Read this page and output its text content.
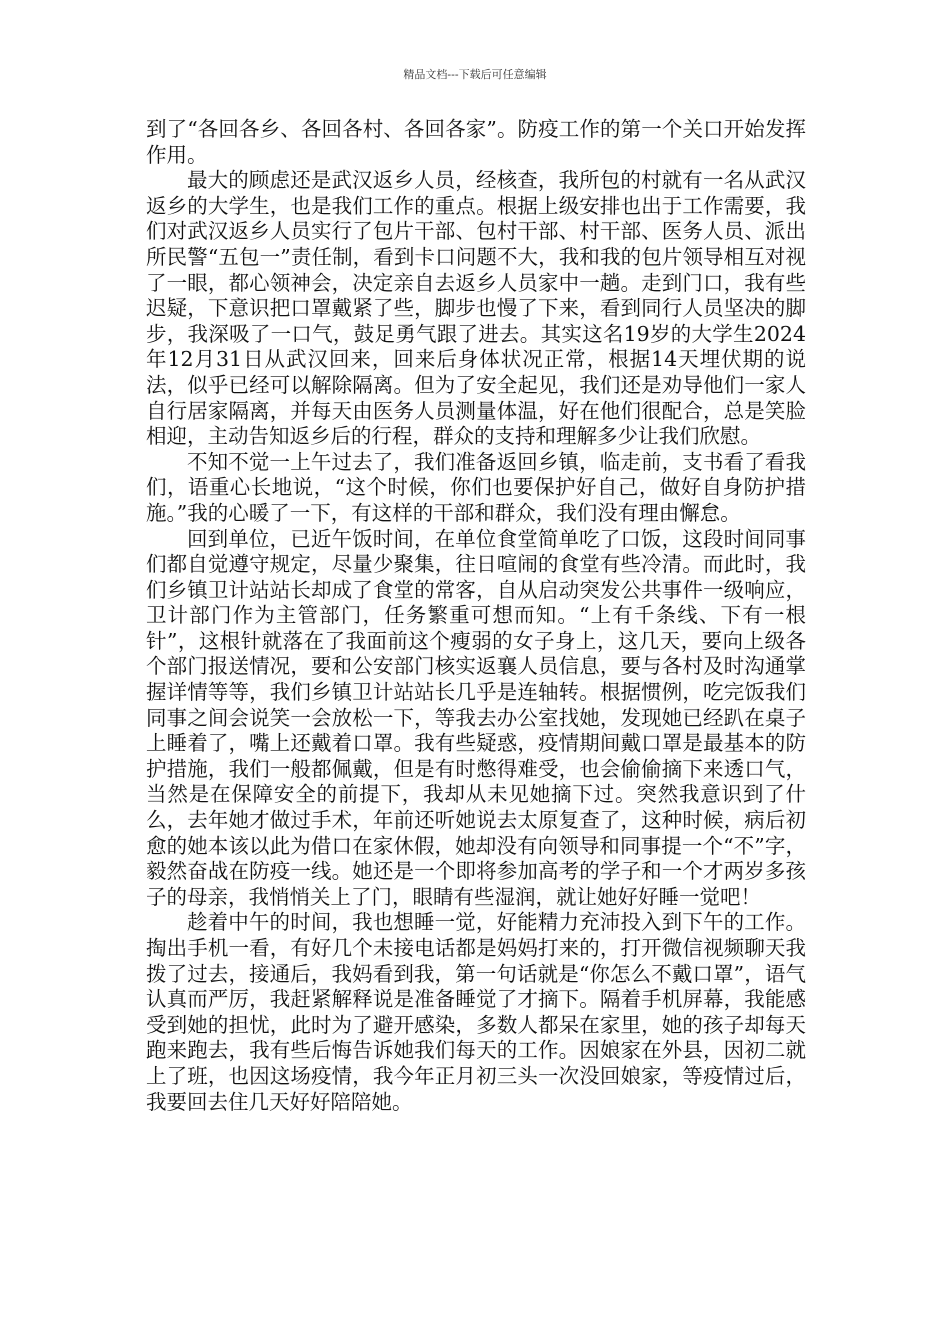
精品文档---下载后可任意编辑

到了“各回各乡、各回各村、各回各家”。防疫工作的第一个关口开始发挥作用。

最大的顾虑还是武汉返乡人员，经核查，我所包的村就有一名从武汉返乡的大学生，也是我们工作的重点。根据上级安排也出于工作需要，我们对武汉返乡人员实行了包片干部、包村干部、村干部、医务人员、派出所民警“五包一”责任制，看到卡口问题不大，我和我的包片领导相互对视了一眼，都心领神会，决定亲自去返乡人员家中一趟。走到门口，我有些迟疑，下意识把口罩戴紧了些，脚步也慢了下来，看到同行人员坚决的脚步，我深吸了一口气，鼓足勇气跟了进去。其实这名19岁的大学生2024年12月31日从武汉回来，回来后身体状况正常，根据14天埋伏期的说法，似乎已经可以解除隔离。但为了安全起见，我们还是劝导他们一家人自行居家隔离，并每天由医务人员测量体温，好在他们很配合，总是笑脸相迎，主动告知返乡后的行程，群众的支持和理解多少让我们欣慰。

不知不觉一上午过去了，我们准备返回乡镇，临走前，支书看了看我们，语重心长地说，“这个时候，你们也要保护好自己，做好自身防护措施。”我的心暖了一下，有这样的干部和群众，我们没有理由懈怠。

回到单位，已近午饭时间，在单位食堂简单吃了口饭，这段时间同事们都自觉遵守规定，尽量少聚集，往日喧闹的食堂有些冷清。而此时，我们乡镇卫计站站长却成了食堂的常客，自从启动突发公共事件一级响应，卫计部门作为主管部门，任务繁重可想而知。“上有千条线、下有一根针”，这根针就落在了我面前这个瘦弱的女子身上，这几天，要向上级各个部门报送情况，要和公安部门核实返襄人员信息，要与各村及时沟通掌握详情等等，我们乡镇卫计站站长几乎是连轴转。根据惯例，吃完饭我们同事之间会说笑一会放松一下，等我去办公室找她，发现她已经趴在桌子上睡着了，嘴上还戴着口罩。我有些疑惑，疫情期间戴口罩是最基本的防护措施，我们一般都佩戴，但是有时憋得难受，也会偷偷摘下来透口气，当然是在保障安全的前提下，我却从未见她摘下过。突然我意识到了什么，去年她才做过手术，年前还听她说去太原复查了，这种时候，病后初愈的她本该以此为借口在家休假，她却没有向领导和同事提一个“不”字，毅然奋战在防疫一线。她还是一个即将参加高考的学子和一个才两岁多孩子的母亲，我悄悄关上了门，眼睛有些湿润，就让她好好睡一觉吧！

趁着中午的时间，我也想睡一觉，好能精力充沛投入到下午的工作。掏出手机一看，有好几个未接电话都是妈妈打来的，打开微信视频聊天我拨了过去，接通后，我妈看到我，第一句话就是“你怎么不戴口罩”，语气认真而严厉，我赶紧解释说是准备睡觉了才摘下。隔着手机屏幕，我能感受到她的担忧，此时为了避开感染，多数人都呆在家里，她的孩子却每天跑来跑去，我有些后悔告诉她我们每天的工作。因娘家在外县，因初二就上了班，也因这场疫情，我今年正月初三头一次没回娘家，等疫情过后，我要回去住几天好好陪陪她。
